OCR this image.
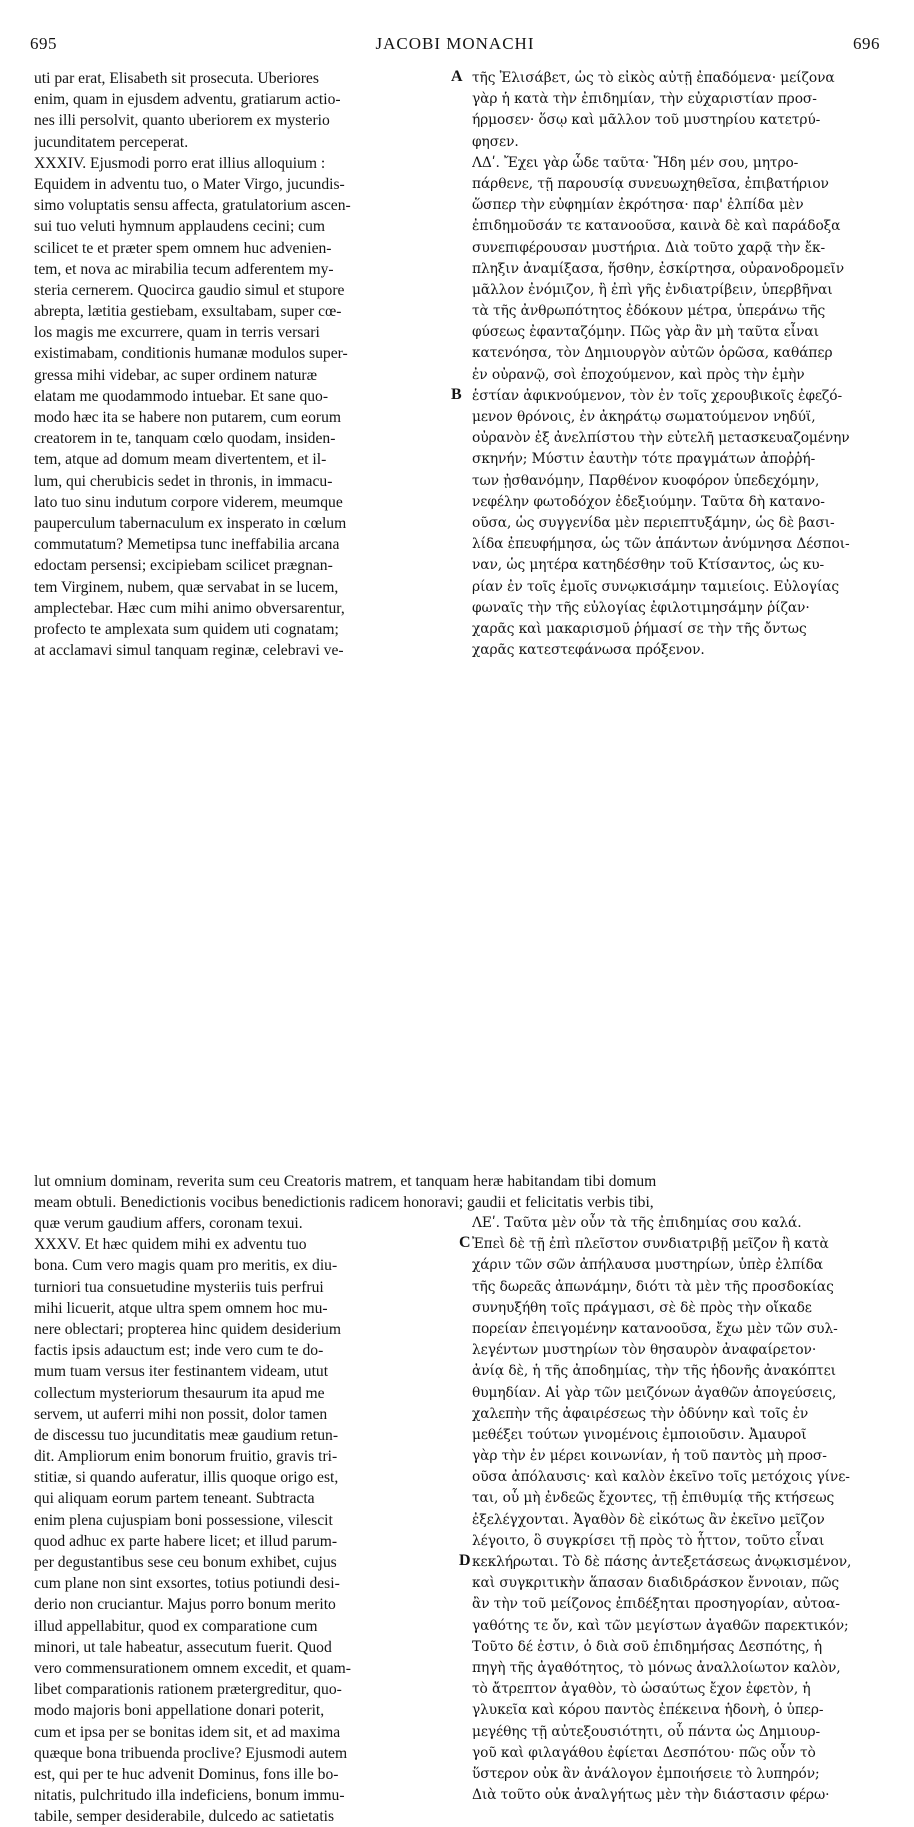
695	JACOBI MONACHI	696
uti par erat, Elisabeth sit prosecuta. Uberiores
enim, quam in ejusdem adventu, gratiarum actio-
nes illi persolvit, quanto uberiorem ex mysterio
jucunditatem perceperat.
XXXIV. Ejusmodi porro erat illius alloquium :
Equidem in adventu tuo, o Mater Virgo, jucundis-
simo voluptatis sensu affecta, gratulatorium ascen-
sui tuo veluti hymnum applaudens cecini; cum
scilicet te et præter spem omnem huc advenien-
tem, et nova ac mirabilia tecum adferentem my-
steria cernerem. Quocirca gaudio simul et stupore
abrepta, lætitia gestiebam, exsultabam, super cœ-
los magis me excurrere, quam in terris versari
existimabam, conditionis humanæ modulos super-
gressa mihi videbar, ac super ordinem naturæ
elatam me quodammodo intuebar. Et sane quo-
modo hæc ita se habere non putarem, cum eorum
creatorem in te, tanquam cœlo quodam, insiden-
tem, atque ad domum meam divertentem, et il-
lum, qui cherubicis sedet in thronis, in immacu-
lato tuo sinu indutum corpore viderem, meumque
pauperculum tabernaculum ex insperato in cœlum
commutatum? Memetipsa tunc ineffabilia arcana
edoctam persensi; excipiebam scilicet prægnan-
tem Virginem, nubem, quæ servabat in se lucem,
amplectebar. Hæc cum mihi animo obversarentur,
profecto te amplexata sum quidem uti cognatam;
at acclamavi simul tanquam reginæ, celebravi ve-
τῆς Ἐλισάβετ, ὡς τὸ εἰκὸς αὐτῇ ἐπαδόμενα· μείζονα
γὰρ ἡ κατὰ τὴν ἐπιδημίαν, τὴν εὐχαριστίαν προσ-
ήρμοσεν· ὅσῳ καὶ μᾶλλον τοῦ μυστηρίου κατετρύ-
φησεν.
ΛΔʹ. Ἔχει γὰρ ὧδε ταῦτα· Ἤδη μέν σου, μητρο-
πάρθενε, τῇ παρουσίᾳ συνευωχηθεῖσα, ἐπιβατήριον
ὥσπερ τὴν εὐφημίαν ἐκρότησα· παρ' ἐλπίδα μὲν
ἐπιδημοῦσάν τε κατανοοῦσα, καινὰ δὲ καὶ παράδοξα
συνεπιφέρουσαν μυστήρια. Διὰ τοῦτο χαρᾷ τὴν ἔκ-
πληξιν ἀναμίξασα, ἥσθην, ἐσκίρτησα, οὐρανοδρομεῖν
μᾶλλον ἐνόμιζον, ἢ ἐπὶ γῆς ἐνδιατρίβειν, ὑπερβῆναι
τὰ τῆς ἀνθρωπότητος ἐδόκουν μέτρα, ὑπεράνω τῆς
φύσεως ἐφανταζόμην. Πῶς γὰρ ἂν μὴ ταῦτα εἶναι
κατενόησα, τὸν Δημιουργὸν αὐτῶν ὁρῶσα, καθάπερ
ἐν οὐρανῷ, σοὶ ἐποχούμενον, καὶ πρὸς τὴν ἐμὴν
ἑστίαν ἀφικνούμενον, τὸν ἐν τοῖς χερουβικοῖς ἐφεζό-
μενον θρόνοις, ἐν ἀκηράτῳ σωματούμενον νηδύϊ,
οὐρανὸν ἐξ ἀνελπίστου τὴν εὐτελῆ μετασκευαζομένην
σκηνήν; Μύστιν ἐαυτὴν τότε πραγμάτων ἀποῤῥή-
των ᾐσθανόμην, Παρθένον κυοφόρον ὑπεδεχόμην,
νεφέλην φωτοδόχον ἐδεξιούμην. Ταῦτα δὴ κατανο-
οῦσα, ὡς συγγενίδα μὲν περιεπτυξάμην, ὡς δὲ βασι-
λίδα ἐπευφήμησα, ὡς τῶν ἁπάντων ἀνύμνησα Δέσποι-
ναν, ὡς μητέρα κατηδέσθην τοῦ Κτίσαντος, ὡς κυ-
ρίαν ἐν τοῖς ἐμοῖς συνῳκισάμην ταμιείοις. Εὐλογίας
φωναῖς τὴν τῆς εὐλογίας ἐφιλοτιμησάμην ῥίζαν·
χαρᾶς καὶ μακαρισμοῦ ῥήμασί σε τὴν τῆς ὄντως
χαρᾶς κατεστεφάνωσα πρόξενον.
lut omnium dominam, reverita sum ceu Creatoris matrem, et tanquam heræ habitandam tibi domum
meam obtuli. Benedictionis vocibus benedictionis radicem honoravi; gaudii et felicitatis verbis tibi,
quæ verum gaudium affers, coronam texui.
XXXV. Et hæc quidem mihi ex adventu tuo
bona. Cum vero magis quam pro meritis, ex diu-
turniori tua consuetudine mysteriis tuis perfrui
mihi licuerit, atque ultra spem omnem hoc mu-
nere oblectari; propterea hinc quidem desiderium
factis ipsis adauctum est; inde vero cum te do-
mum tuam versus iter festinantem videam, utut
collectum mysteriorum thesaurum ita apud me
servem, ut auferri mihi non possit, dolor tamen
de discessu tuo jucunditatis meæ gaudium retun-
dit. Ampliorum enim bonorum fruitio, gravis tri-
stitiæ, si quando auferatur, illis quoque origo est,
qui aliquam eorum partem teneant. Subtracta
enim plena cujuspiam boni possessione, vilescit
quod adhuc ex parte habere licet; et illud parum-
per degustantibus sese ceu bonum exhibet, cujus
cum plane non sint exsortes, totius potiundi desi-
derio non cruciantur. Majus porro bonum merito
illud appellabitur, quod ex comparatione cum
minori, ut tale habeatur, assecutum fuerit. Quod
vero commensurationem omnem excedit, et quam-
libet comparationis rationem prætergreditur, quo-
modo majoris boni appellatione donari poterit,
cum et ipsa per se bonitas idem sit, et ad maxima
quæque bona tribuenda proclive? Ejusmodi autem
est, qui per te huc advenit Dominus, fons ille bo-
nitatis, pulchritudo illa indeficiens, bonum immu-
tabile, semper desiderabile, dulcedo ac satietatis
ΛΕʹ. Ταῦτα μὲν οὖν τὰ τῆς ἐπιδημίας σου καλά.
Ἐπεὶ δὲ τῇ ἐπὶ πλεῖστον συνδιατριβῇ μεῖζον ἢ κατὰ
χάριν τῶν σῶν ἀπήλαυσα μυστηρίων, ὑπὲρ ἐλπίδα
τῆς δωρεᾶς ἀπωνάμην, διότι τὰ μὲν τῆς προσδοκίας
συνηυξήθη τοῖς πράγμασι, σὲ δὲ πρὸς τὴν οἴκαδε
πορείαν ἐπειγομένην κατανοοῦσα, ἔχω μὲν τῶν συλ-
λεγέντων μυστηρίων τὸν θησαυρὸν ἀναφαίρετον·
ἀνίᾳ δὲ, ἡ τῆς ἀποδημίας, τὴν τῆς ἡδονῆς ἀνακόπτει
θυμηδίαν. Αἱ γὰρ τῶν μειζόνων ἀγαθῶν ἀπογεύσεις,
χαλεπὴν τῆς ἀφαιρέσεως τὴν ὀδύνην καὶ τοῖς ἐν
μεθέξει τούτων γινομένοις ἐμποιοῦσιν. Ἀμαυροῖ
γὰρ τὴν ἐν μέρει κοινωνίαν, ἡ τοῦ παντὸς μὴ προσ-
οῦσα ἀπόλαυσις· καὶ καλὸν ἐκεῖνο τοῖς μετόχοις γίνε-
ται, οὗ μὴ ἐνδεῶς ἔχοντες, τῇ ἐπιθυμίᾳ τῆς κτήσεως
ἐξελέγχονται. Ἀγαθὸν δὲ εἰκότως ἂν ἐκεῖνο μεῖζον
λέγοιτο, ὃ συγκρίσει τῇ πρὸς τὸ ἧττον, τοῦτο εἶναι
κεκλήρωται. Τὸ δὲ πάσης ἀντεξετάσεως ἀνῳκισμένον,
καὶ συγκριτικὴν ἅπασαν διαδιδράσκον ἔννοιαν, πῶς
ἂν τὴν τοῦ μείζονος ἐπιδέξηται προσηγορίαν, αὐτοα-
γαθότης τε ὄν, καὶ τῶν μεγίστων ἀγαθῶν παρεκτικόν;
Τοῦτο δέ ἐστιν, ὁ διὰ σοῦ ἐπιδημήσας Δεσπότης, ἡ
πηγὴ τῆς ἀγαθότητος, τὸ μόνως ἀναλλοίωτον καλὸν,
τὸ ἄτρεπτον ἀγαθὸν, τὸ ὡσαύτως ἔχον ἐφετὸν, ἡ
γλυκεῖα καὶ κόρου παντὸς ἐπέκεινα ἡδονὴ, ὁ ὑπερ-
μεγέθης τῇ αὐτεξουσιότητι, οὗ πάντα ὡς Δημιουρ-
γοῦ καὶ φιλαγάθου ἐφίεται Δεσπότου· πῶς οὖν τὸ
ὕστερον οὐκ ἂν ἀνάλογον ἐμποιήσειε τὸ λυπηρόν;
Διὰ τοῦτο οὐκ ἀναλγήτως μὲν τὴν διάστασιν φέρω·
A
B
C
D
